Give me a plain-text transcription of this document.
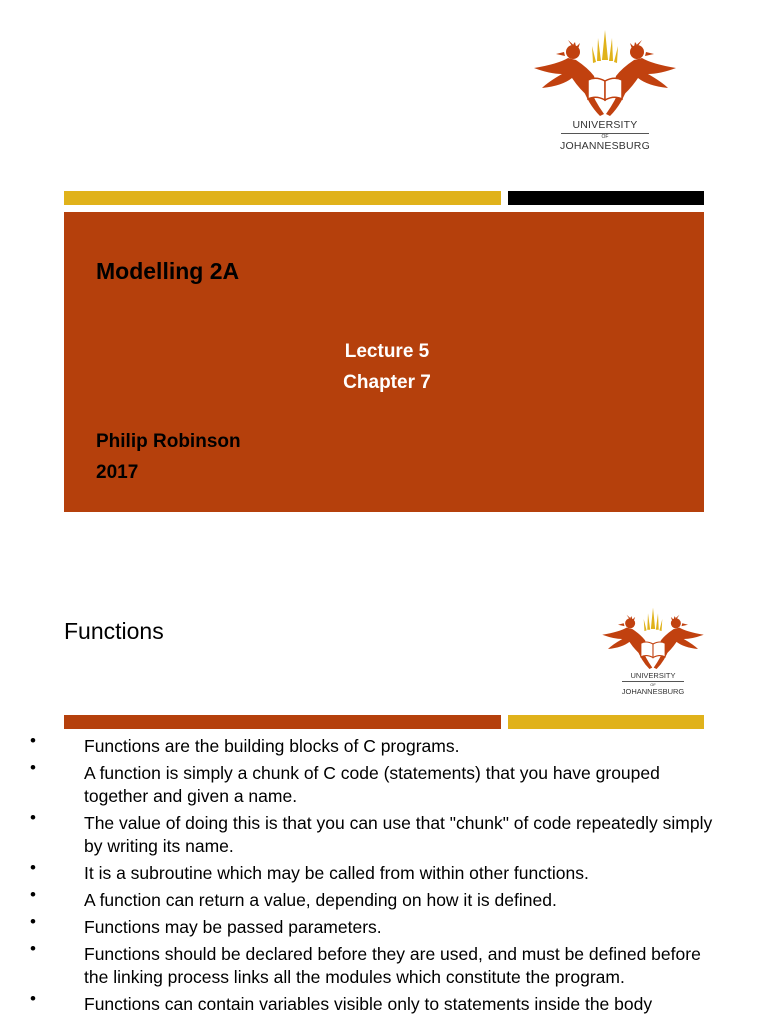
UNIVERSITY
OF
JOHANNESBURG
Modelling 2A
Lecture 5
Chapter 7
Philip Robinson
2017
Functions
UNIVERSITY
OF
JOHANNESBURG
•	Functions are the building blocks of C programs.
•	A function is simply a chunk of C code (statements) that you have grouped together and given a name.
•	The value of doing this is that you can use that "chunk" of code repeatedly simply by writing its name.
•	It is a subroutine which may be called from within other functions.
•	A function can return a value, depending on how it is defined.
•	Functions may be passed parameters.
•	Functions should be declared before they are used, and must be defined before the linking process links all the modules which constitute the program.
•	Functions can contain variables visible only to statements inside the body
